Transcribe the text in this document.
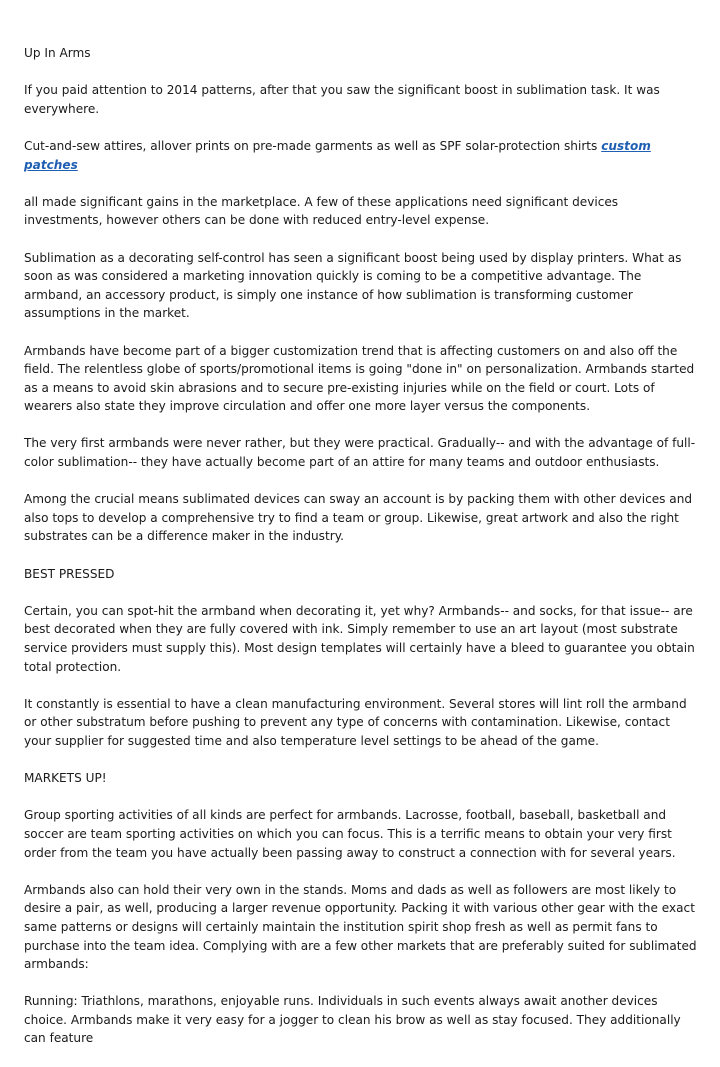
Up In Arms

If you paid attention to 2014 patterns, after that you saw the significant boost in sublimation task. It was everywhere.

Cut-and-sew attires, allover prints on pre-made garments as well as SPF solar-protection shirts custom patches

all made significant gains in the marketplace. A few of these applications need significant devices investments, however others can be done with reduced entry-level expense.

Sublimation as a decorating self-control has seen a significant boost being used by display printers. What as soon as was considered a marketing innovation quickly is coming to be a competitive advantage. The armband, an accessory product, is simply one instance of how sublimation is transforming customer assumptions in the market.

Armbands have become part of a bigger customization trend that is affecting customers on and also off the field. The relentless globe of sports/promotional items is going "done in" on personalization. Armbands started as a means to avoid skin abrasions and to secure pre-existing injuries while on the field or court. Lots of wearers also state they improve circulation and offer one more layer versus the components.

The very first armbands were never rather, but they were practical. Gradually-- and with the advantage of full-color sublimation-- they have actually become part of an attire for many teams and outdoor enthusiasts.

Among the crucial means sublimated devices can sway an account is by packing them with other devices and also tops to develop a comprehensive try to find a team or group. Likewise, great artwork and also the right substrates can be a difference maker in the industry.

BEST PRESSED

Certain, you can spot-hit the armband when decorating it, yet why? Armbands-- and socks, for that issue-- are best decorated when they are fully covered with ink. Simply remember to use an art layout (most substrate service providers must supply this). Most design templates will certainly have a bleed to guarantee you obtain total protection.

It constantly is essential to have a clean manufacturing environment. Several stores will lint roll the armband or other substratum before pushing to prevent any type of concerns with contamination. Likewise, contact your supplier for suggested time and also temperature level settings to be ahead of the game.

MARKETS UP!

Group sporting activities of all kinds are perfect for armbands. Lacrosse, football, baseball, basketball and soccer are team sporting activities on which you can focus. This is a terrific means to obtain your very first order from the team you have actually been passing away to construct a connection with for several years.

Armbands also can hold their very own in the stands. Moms and dads as well as followers are most likely to desire a pair, as well, producing a larger revenue opportunity. Packing it with various other gear with the exact same patterns or designs will certainly maintain the institution spirit shop fresh as well as permit fans to purchase into the team idea. Complying with are a few other markets that are preferably suited for sublimated armbands:

Running: Triathlons, marathons, enjoyable runs. Individuals in such events always await another devices choice. Armbands make it very easy for a jogger to clean his brow as well as stay focused. They additionally can feature
